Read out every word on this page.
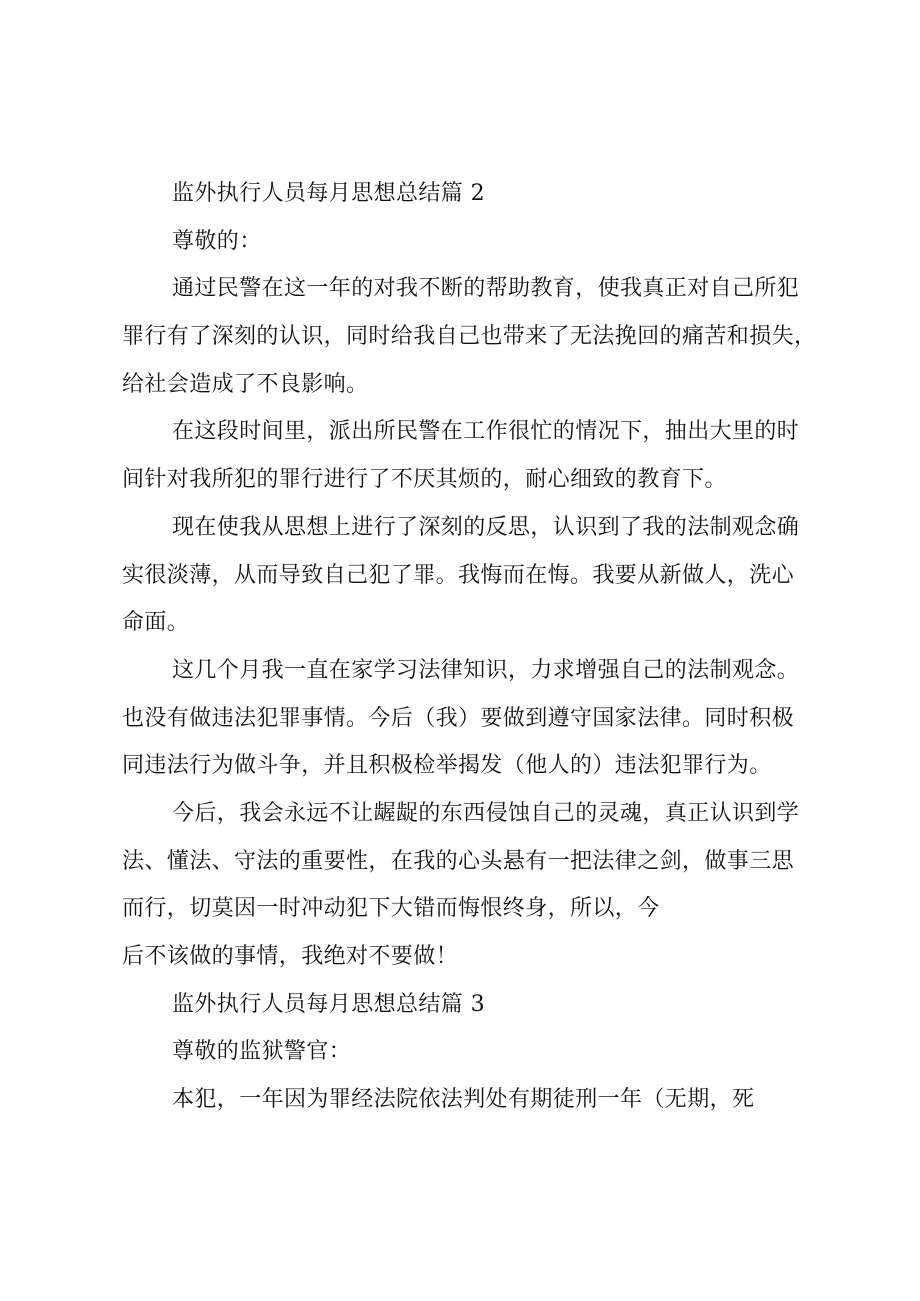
监外执行人员每月思想总结篇 2
尊敬的：
通过民警在这一年的对我不断的帮助教育，使我真正对自己所犯
罪行有了深刻的认识，同时给我自己也带来了无法挽回的痛苦和损失，
给社会造成了不良影响。
在这段时间里，派出所民警在工作很忙的情况下，抽出大里的时
间针对我所犯的罪行进行了不厌其烦的，耐心细致的教育下。
现在使我从思想上进行了深刻的反思，认识到了我的法制观念确
实很淡薄，从而导致自己犯了罪。我悔而在悔。我要从新做人，洗心
命面。
这几个月我一直在家学习法律知识，力求增强自己的法制观念。
也没有做违法犯罪事情。今后（我）要做到遵守国家法律。同时积极
同违法行为做斗争，并且积极检举揭发（他人的）违法犯罪行为。
今后，我会永远不让龌龊的东西侵蚀自己的灵魂，真正认识到学
法、懂法、守法的重要性，在我的心头悬有一把法律之剑，做事三思
而行，切莫因一时冲动犯下大错而悔恨终身，所以，今
后不该做的事情，我绝对不要做！
监外执行人员每月思想总结篇 3
尊敬的监狱警官：
本犯，一年因为罪经法院依法判处有期徒刑一年（无期，死
